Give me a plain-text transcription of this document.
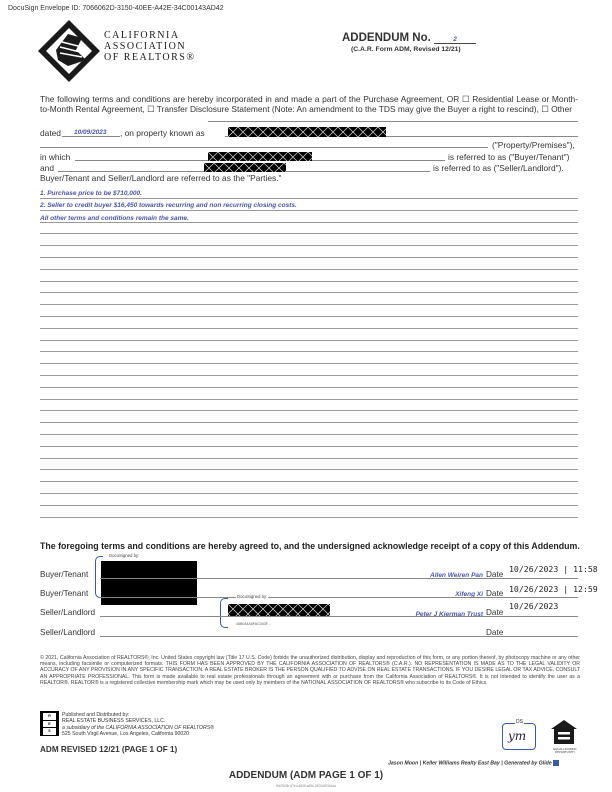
DocuSign Envelope ID: 7066062D-3150-40EE-A42E-34C00143AD42
CALIFORNIA
ASSOCIATION
OF REALTORS®
ADDENDUM No.	2
(C.A.R. Form ADM, Revised 12/21)
The following terms and conditions are hereby incorporated in and made a part of the Purchase Agreement, OR ☐ Residential Lease or Month-to-Month Rental Agreement, ☐ Transfer Disclosure Statement (Note: An amendment to the TDS may give the Buyer a right to rescind), ☐ Other
dated 10/09/2023 , on property known as
("Property/Premises"),
in which	is referred to as ("Buyer/Tenant")
and	is referred to as ("Seller/Landlord").
Buyer/Tenant and Seller/Landlord are referred to as the "Parties."
1. Purchase price to be $710,000.
2. Seller to credit buyer $16,450 towards recurring and non recurring closing costs.
All other terms and conditions remain the same.
The foregoing terms and conditions are hereby agreed to, and the undersigned acknowledge receipt of a copy of this Addendum.
DocuSigned by:
Buyer/Tenant	Allen Weiren Pan Date
10/26/2023 | 11:58
Buyer/Tenant	Xifeng Xi Date 10/26/2023 | 12:59
DocuSigned by:
45B044A6FAC043F...
Seller/Landlord	Peter J Kierman Trust Date
10/26/2023
Seller/Landlord	Date
© 2021, California Association of REALTORS®, Inc. United States copyright law (Title 17 U.S. Code) forbids the unauthorized distribution, display and reproduction of this form, or any portion thereof, by photocopy machine or any other means, including facsimile or computerized formats. THIS FORM HAS BEEN APPROVED BY THE CALIFORNIA ASSOCIATION OF REALTORS® (C.A.R.). NO REPRESENTATION IS MADE AS TO THE LEGAL VALIDITY OR ACCURACY OF ANY PROVISION IN ANY SPECIFIC TRANSACTION. A REAL ESTATE BROKER IS THE PERSON QUALIFIED TO ADVISE ON REAL ESTATE TRANSACTIONS. IF YOU DESIRE LEGAL OR TAX ADVICE, CONSULT AN APPROPRIATE PROFESSIONAL. This form is made available to real estate professionals through an agreement with or purchase from the California Association of REALTORS®. It is not intended to identify the user as a REALTOR®. REALTOR® is a registered collective membership mark which may be used only by members of the NATIONAL ASSOCIATION OF REALTORS® who subscribe to its Code of Ethics.
R
E
S
Published and Distributed by:
REAL ESTATE BUSINESS SERVICES, LLC.
a subsidiary of the CALIFORNIA ASSOCIATION OF REALTORS®
525 South Virgil Avenue, Los Angeles, California 90020
ADM REVISED 12/21 (PAGE 1 OF 1)
DS
ym
EQUAL HOUSING OPPORTUNITY
Jason Moon | Keller Williams Realty East Bay | Generated by Glide
ADDENDUM (ADM PAGE 1 OF 1)
f6b7903b-67ea-4895-a89b-2870c953d1aa
